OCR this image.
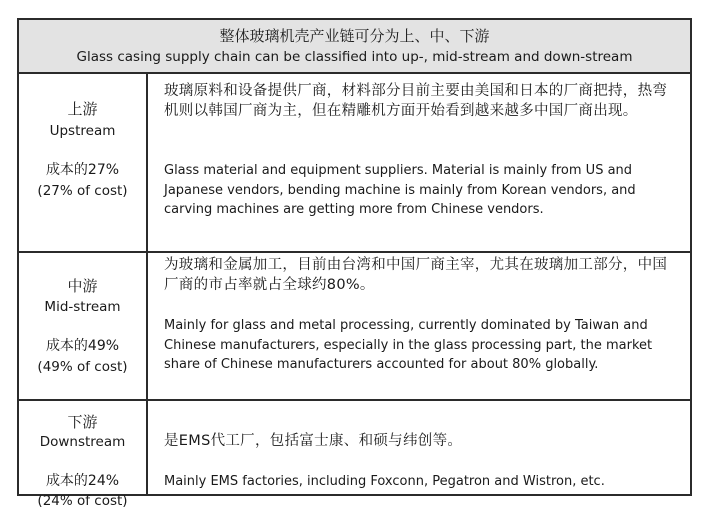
整体玻璃机壳产业链可分为上、中、下游
Glass casing supply chain can be classified into up-, mid-stream and down-stream
上游
Upstream
成本的27%
(27% of cost)
玻璃原料和设备提供厂商，材料部分目前主要由美国和日本的厂商把持，热弯机则以韩国厂商为主，但在精雕机方面开始看到越来越多中国厂商出现。
Glass material and equipment suppliers. Material is mainly from US and Japanese vendors, bending machine is mainly from Korean vendors, and carving machines are getting more from Chinese vendors.
中游
Mid-stream
成本的49%
(49% of cost)
为玻璃和金属加工，目前由台湾和中国厂商主宰，尤其在玻璃加工部分，中国厂商的市占率就占全球约80%。
Mainly for glass and metal processing, currently dominated by Taiwan and Chinese manufacturers, especially in the glass processing part, the market share of Chinese manufacturers accounted for about 80% globally.
下游
Downstream
成本的24%
(24% of cost)
是EMS代工厂，包括富士康、和硕与纬创等。
Mainly EMS factories, including Foxconn, Pegatron and Wistron, etc.
